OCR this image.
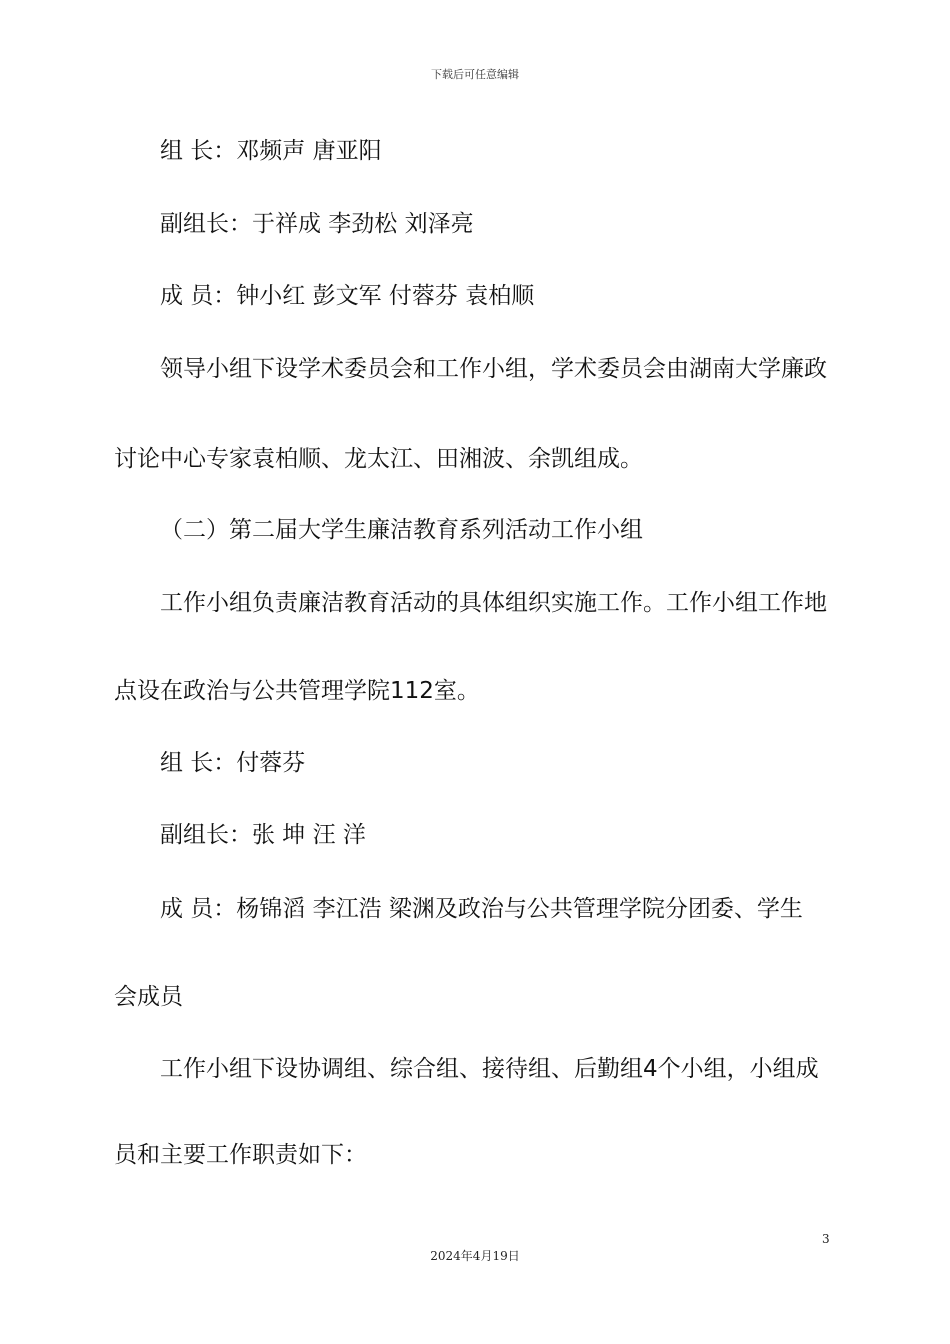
下载后可任意编辑
组 长：邓频声 唐亚阳
副组长：于祥成 李劲松 刘泽亮
成 员：钟小红 彭文军 付蓉芬 袁柏顺
领导小组下设学术委员会和工作小组，学术委员会由湖南大学廉政
讨论中心专家袁柏顺、龙太江、田湘波、余凯组成。
（二）第二届大学生廉洁教育系列活动工作小组
工作小组负责廉洁教育活动的具体组织实施工作。工作小组工作地
点设在政治与公共管理学院112室。
组 长：付蓉芬
副组长：张 坤 汪 洋
成 员：杨锦滔 李江浩 梁渊及政治与公共管理学院分团委、学生
会成员
工作小组下设协调组、综合组、接待组、后勤组4个小组，小组成
员和主要工作职责如下：
3
2024年4月19日
